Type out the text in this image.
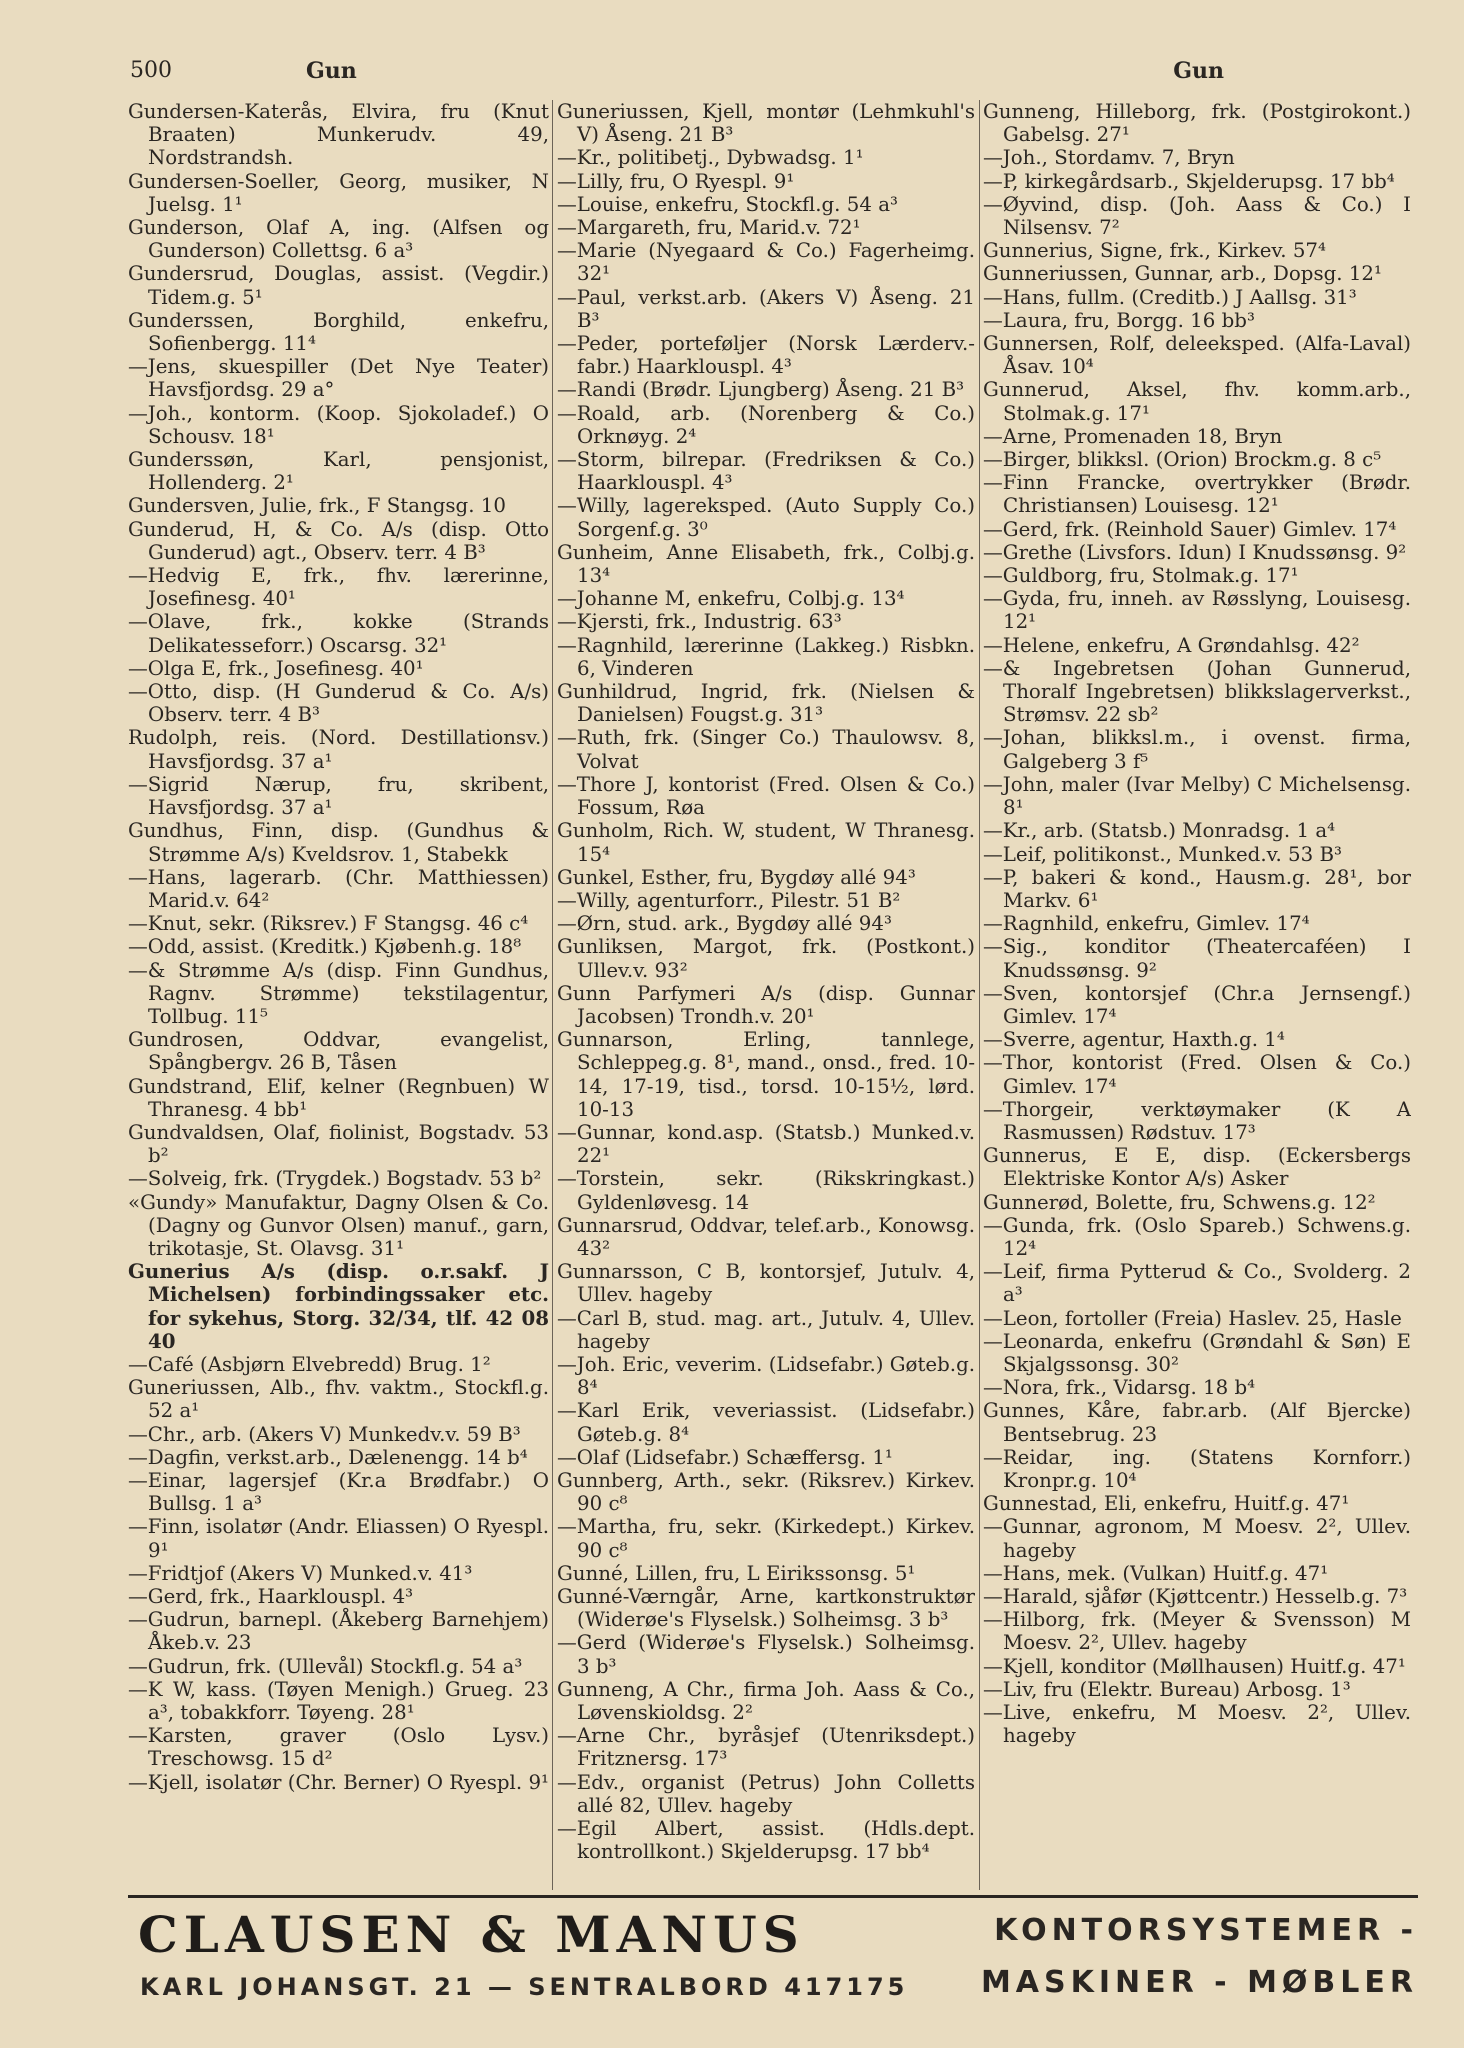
500	Gun	Gun
Gundersen-Katerås, Elvira, fru (Knut Braaten) Munkerudv. 49, Nordstrandsh.
Gundersen-Soeller, Georg, musiker, N Juelsg. 1¹
Gunderson, Olaf A, ing. (Alfsen og Gunderson) Collettsg. 6 a³
Gundersrud, Douglas, assist. (Vegdir.) Tidem.g. 5¹
Gunderssen, Borghild, enkefru, Sofienbergg. 11⁴
—Jens, skuespiller (Det Nye Teater) Havsfjordsg. 29 a°
—Joh., kontorm. (Koop. Sjokoladef.) O Schousv. 18¹
Gunderssøn, Karl, pensjonist, Hollenderg. 2¹
Gundersven, Julie, frk., F Stangsg. 10
Gunderud, H, & Co. A/s (disp. Otto Gunderud) agt., Observ. terr. 4 B³
—Hedvig E, frk., fhv. lærerinne, Josefinesg. 40¹
—Olave, frk., kokke (Strands Delikatesseforr.) Oscarsg. 32¹
—Olga E, frk., Josefinesg. 40¹
—Otto, disp. (H Gunderud & Co. A/s) Observ. terr. 4 B³
Rudolph, reis. (Nord. Destillationsv.) Havsfjordsg. 37 a¹
—Sigrid Nærup, fru, skribent, Havsfjordsg. 37 a¹
Gundhus, Finn, disp. (Gundhus & Strømme A/s) Kveldsrov. 1, Stabekk
—Hans, lagerarb. (Chr. Matthiessen) Marid.v. 64²
—Knut, sekr. (Riksrev.) F Stangsg. 46 c⁴
—Odd, assist. (Kreditk.) Kjøbenh.g. 18⁸
—& Strømme A/s (disp. Finn Gundhus, Ragnv. Strømme) tekstilagentur, Tollbug. 11⁵
Gundrosen, Oddvar, evangelist, Spångbergv. 26 B, Tåsen
Gundstrand, Elif, kelner (Regnbuen) W Thranesg. 4 bb¹
Gundvaldsen, Olaf, fiolinist, Bogstadv. 53 b²
—Solveig, frk. (Trygdek.) Bogstadv. 53 b²
«Gundy» Manufaktur, Dagny Olsen & Co. (Dagny og Gunvor Olsen) manuf., garn, trikotasje, St. Olavsg. 31¹
Gunerius A/s (disp. o.r.sakf. J Michelsen) forbindingssaker etc. for sykehus, Storg. 32/34, tlf. 42 08 40
—Café (Asbjørn Elvebredd) Brug. 1²
Guneriussen, Alb., fhv. vaktm., Stockfl.g. 52 a¹
—Chr., arb. (Akers V) Munkedv.v. 59 B³
—Dagfin, verkst.arb., Dælenengg. 14 b⁴
—Einar, lagersjef (Kr.a Brødfabr.) O Bullsg. 1 a³
—Finn, isolatør (Andr. Eliassen) O Ryespl. 9¹
—Fridtjof (Akers V) Munked.v. 41³
—Gerd, frk., Haarklouspl. 4³
—Gudrun, barnepl. (Åkeberg Barnehjem) Åkeb.v. 23
—Gudrun, frk. (Ullevål) Stockfl.g. 54 a³
—K W, kass. (Tøyen Menigh.) Grueg. 23 a³, tobakkforr. Tøyeng. 28¹
—Karsten, graver (Oslo Lysv.) Treschowsg. 15 d²
—Kjell, isolatør (Chr. Berner) O Ryespl. 9¹
Guneriussen, Kjell, montør (Lehmkuhl's V) Åseng. 21 B³
—Kr., politibetj., Dybwadsg. 1¹
—Lilly, fru, O Ryespl. 9¹
—Louise, enkefru, Stockfl.g. 54 a³
—Margareth, fru, Marid.v. 72¹
—Marie (Nyegaard & Co.) Fagerheimg. 32¹
—Paul, verkst.arb. (Akers V) Åseng. 21 B³
—Peder, porteføljer (Norsk Lærderv.-fabr.) Haarklouspl. 4³
—Randi (Brødr. Ljungberg) Åseng. 21 B³
—Roald, arb. (Norenberg & Co.) Orknøyg. 2⁴
—Storm, bilrepar. (Fredriksen & Co.) Haarklouspl. 4³
—Willy, lagereksped. (Auto Supply Co.) Sorgenf.g. 3⁰
Gunheim, Anne Elisabeth, frk., Colbj.g. 13⁴
—Johanne M, enkefru, Colbj.g. 13⁴
—Kjersti, frk., Industrig. 63³
—Ragnhild, lærerinne (Lakkeg.) Risbkn. 6, Vinderen
Gunhildrud, Ingrid, frk. (Nielsen & Danielsen) Fougst.g. 31³
—Ruth, frk. (Singer Co.) Thaulowsv. 8, Volvat
—Thore J, kontorist (Fred. Olsen & Co.) Fossum, Røa
Gunholm, Rich. W, student, W Thranesg. 15⁴
Gunkel, Esther, fru, Bygdøy allé 94³
—Willy, agenturforr., Pilestr. 51 B²
—Ørn, stud. ark., Bygdøy allé 94³
Gunliksen, Margot, frk. (Postkont.) Ullev.v. 93²
Gunn Parfymeri A/s (disp. Gunnar Jacobsen) Trondh.v. 20¹
Gunnarson, Erling, tannlege, Schleppeg.g. 8¹, mand., onsd., fred. 10-14, 17-19, tisd., torsd. 10-15½, lørd. 10-13
—Gunnar, kond.asp. (Statsb.) Munked.v. 22¹
—Torstein, sekr. (Rikskringkast.) Gyldenløvesg. 14
Gunnarsrud, Oddvar, telef.arb., Konowsg. 43²
Gunnarsson, C B, kontorsjef, Jutulv. 4, Ullev. hageby
—Carl B, stud. mag. art., Jutulv. 4, Ullev. hageby
—Joh. Eric, veverim. (Lidsefabr.) Gøteb.g. 8⁴
—Karl Erik, veveriassist. (Lidsefabr.) Gøteb.g. 8⁴
—Olaf (Lidsefabr.) Schæffersg. 1¹
Gunnberg, Arth., sekr. (Riksrev.) Kirkev. 90 c⁸
—Martha, fru, sekr. (Kirkedept.) Kirkev. 90 c⁸
Gunné, Lillen, fru, L Eirikssonsg. 5¹
Gunné-Værngår, Arne, kartkonstruktør (Widerøe's Flyselsk.) Solheimsg. 3 b³
—Gerd (Widerøe's Flyselsk.) Solheimsg. 3 b³
Gunneng, A Chr., firma Joh. Aass & Co., Løvenskioldsg. 2²
—Arne Chr., byråsjef (Utenriksdept.) Fritznersg. 17³
—Edv., organist (Petrus) John Colletts allé 82, Ullev. hageby
—Egil Albert, assist. (Hdls.dept. kontrollkont.) Skjelderupsg. 17 bb⁴
Gunneng, Hilleborg, frk. (Postgirokont.) Gabelsg. 27¹
—Joh., Stordamv. 7, Bryn
—P, kirkegårdsarb., Skjelderupsg. 17 bb⁴
—Øyvind, disp. (Joh. Aass & Co.) I Nilsensv. 7²
Gunnerius, Signe, frk., Kirkev. 57⁴
Gunneriussen, Gunnar, arb., Dopsg. 12¹
—Hans, fullm. (Creditb.) J Aallsg. 31³
—Laura, fru, Borgg. 16 bb³
Gunnersen, Rolf, deleeksped. (Alfa-Laval) Åsav. 10⁴
Gunnerud, Aksel, fhv. komm.arb., Stolmak.g. 17¹
—Arne, Promenaden 18, Bryn
—Birger, blikksl. (Orion) Brockm.g. 8 c⁵
—Finn Francke, overtrykker (Brødr. Christiansen) Louisesg. 12¹
—Gerd, frk. (Reinhold Sauer) Gimlev. 17⁴
—Grethe (Livsfors. Idun) I Knudssønsg. 9²
—Guldborg, fru, Stolmak.g. 17¹
—Gyda, fru, inneh. av Røsslyng, Louisesg. 12¹
—Helene, enkefru, A Grøndahlsg. 42²
—& Ingebretsen (Johan Gunnerud, Thoralf Ingebretsen) blikkslagerverkst., Strømsv. 22 sb²
—Johan, blikksl.m., i ovenst. firma, Galgeberg 3 f⁵
—John, maler (Ivar Melby) C Michelsensg. 8¹
—Kr., arb. (Statsb.) Monradsg. 1 a⁴
—Leif, politikonst., Munked.v. 53 B³
—P, bakeri & kond., Hausm.g. 28¹, bor Markv. 6¹
—Ragnhild, enkefru, Gimlev. 17⁴
—Sig., konditor (Theatercaféen) I Knudssønsg. 9²
—Sven, kontorsjef (Chr.a Jernsengf.) Gimlev. 17⁴
—Sverre, agentur, Haxth.g. 1⁴
—Thor, kontorist (Fred. Olsen & Co.) Gimlev. 17⁴
—Thorgeir, verktøymaker (K A Rasmussen) Rødstuv. 17³
Gunnerus, E E, disp. (Eckersbergs Elektriske Kontor A/s) Asker
Gunnerød, Bolette, fru, Schwens.g. 12²
—Gunda, frk. (Oslo Spareb.) Schwens.g. 12⁴
—Leif, firma Pytterud & Co., Svolderg. 2 a³
—Leon, fortoller (Freia) Haslev. 25, Hasle
—Leonarda, enkefru (Grøndahl & Søn) E Skjalgssonsg. 30²
—Nora, frk., Vidarsg. 18 b⁴
Gunnes, Kåre, fabr.arb. (Alf Bjercke) Bentsebrug. 23
—Reidar, ing. (Statens Kornforr.) Kronpr.g. 10⁴
Gunnestad, Eli, enkefru, Huitf.g. 47¹
—Gunnar, agronom, M Moesv. 2², Ullev. hageby
—Hans, mek. (Vulkan) Huitf.g. 47¹
—Harald, sjåfør (Kjøttcentr.) Hesselb.g. 7³
—Hilborg, frk. (Meyer & Svensson) M Moesv. 2², Ullev. hageby
—Kjell, konditor (Møllhausen) Huitf.g. 47¹
—Liv, fru (Elektr. Bureau) Arbosg. 1³
—Live, enkefru, M Moesv. 2², Ullev. hageby
CLAUSEN & MANUS
KARL JOHANSGT. 21 — SENTRALBORD 417175
KONTORSYSTEMER -
MASKINER - MØBLER
